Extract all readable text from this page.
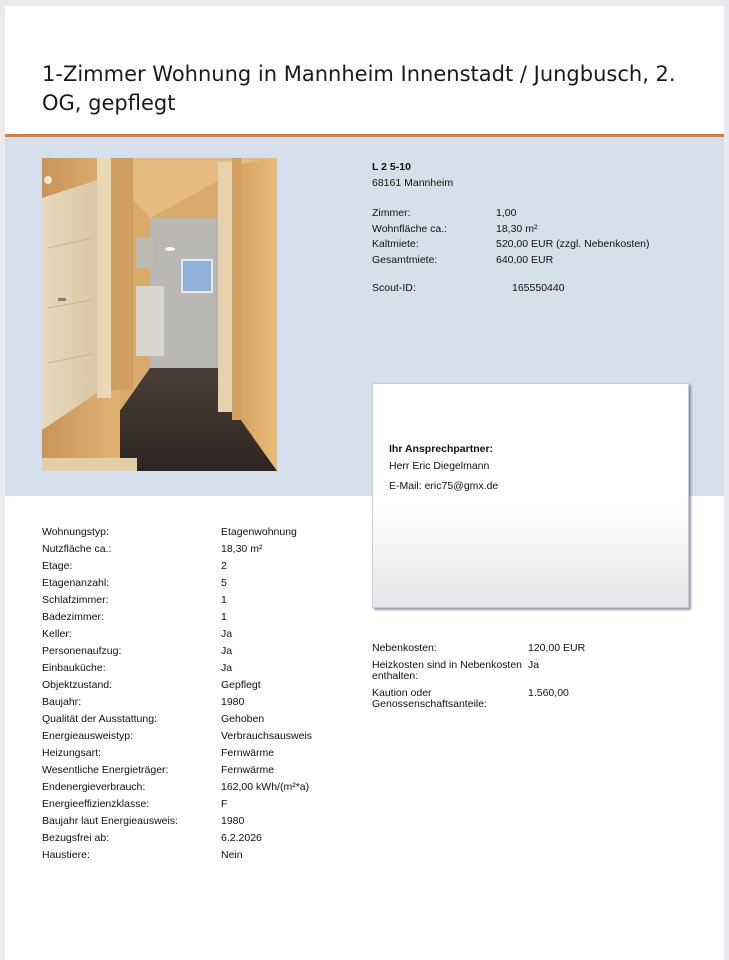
1-Zimmer Wohnung in Mannheim Innenstadt / Jungbusch, 2. OG, gepflegt
L 2 5-10
68161 Mannheim
Zimmer:	1,00
Wohnfläche ca.:	18,30 m²
Kaltmiete:	520,00 EUR (zzgl. Nebenkosten)
Gesamtmiete:	640,00 EUR
Scout-ID:	165550440
Ihr Ansprechpartner:
Herr Eric Diegelmann
E-Mail: eric75@gmx.de
Wohnungstyp:	Etagenwohnung
Nutzfläche ca.:	18,30 m²
Etage:	2
Etagenanzahl:	5
Schlafzimmer:	1
Badezimmer:	1
Keller:	Ja
Personenaufzug:	Ja
Einbauküche:	Ja
Objektzustand:	Gepflegt
Baujahr:	1980
Qualität der Ausstattung:	Gehoben
Energieausweistyp:	Verbrauchsausweis
Heizungsart:	Fernwärme
Wesentliche Energieträger:	Fernwärme
Endenergieverbrauch:	162,00 kWh/(m²*a)
Energieeffizienzklasse:	F
Baujahr laut Energieausweis:	1980
Bezugsfrei ab:	6.2.2026
Haustiere:	Nein
Nebenkosten:	120,00 EUR
Heizkosten sind in Nebenkosten enthalten:Ja
Kaution oder Genossenschaftsanteile:1.560,00
